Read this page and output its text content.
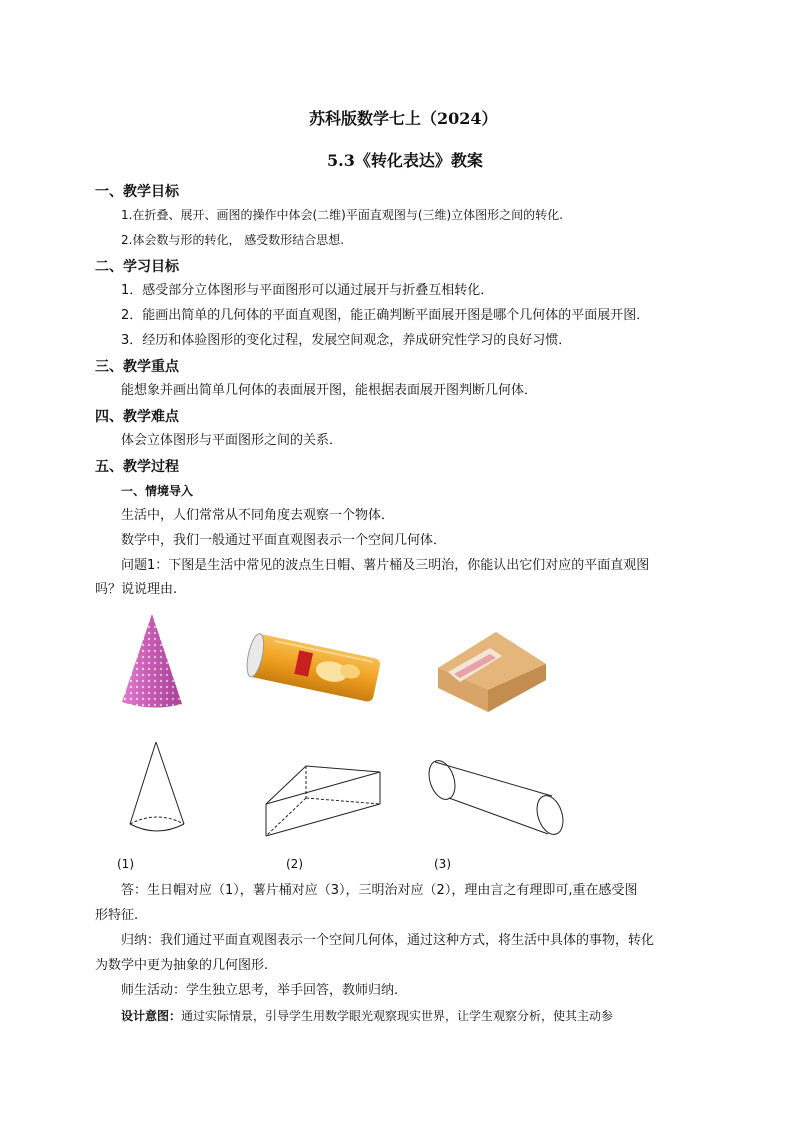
苏科版数学七上（2024）
5.3《转化表达》教案
一、教学目标
1.在折叠、展开、画图的操作中体会(二维)平面直观图与(三维)立体图形之间的转化.
2.体会数与形的转化， 感受数形结合思想.
二、学习目标
1．感受部分立体图形与平面图形可以通过展开与折叠互相转化．
2．能画出简单的几何体的平面直观图，能正确判断平面展开图是哪个几何体的平面展开图．
3．经历和体验图形的变化过程，发展空间观念，养成研究性学习的良好习惯．
三、教学重点
能想象并画出简单几何体的表面展开图，能根据表面展开图判断几何体．
四、教学难点
体会立体图形与平面图形之间的关系．
五、教学过程
一、情境导入
生活中，人们常常从不同角度去观察一个物体．
数学中，我们一般通过平面直观图表示一个空间几何体．
问题1：下图是生活中常见的波点生日帽、薯片桶及三明治，你能认出它们对应的平面直观图
吗？说说理由.
(1)	(2)	(3)
答：生日帽对应（1），薯片桶对应（3），三明治对应（2），理由言之有理即可,重在感受图
形特征.
归纳：我们通过平面直观图表示一个空间几何体，通过这种方式，将生活中具体的事物，转化
为数学中更为抽象的几何图形.
师生活动：学生独立思考，举手回答，教师归纳.
设计意图：通过实际情景，引导学生用数学眼光观察现实世界，让学生观察分析，使其主动参
